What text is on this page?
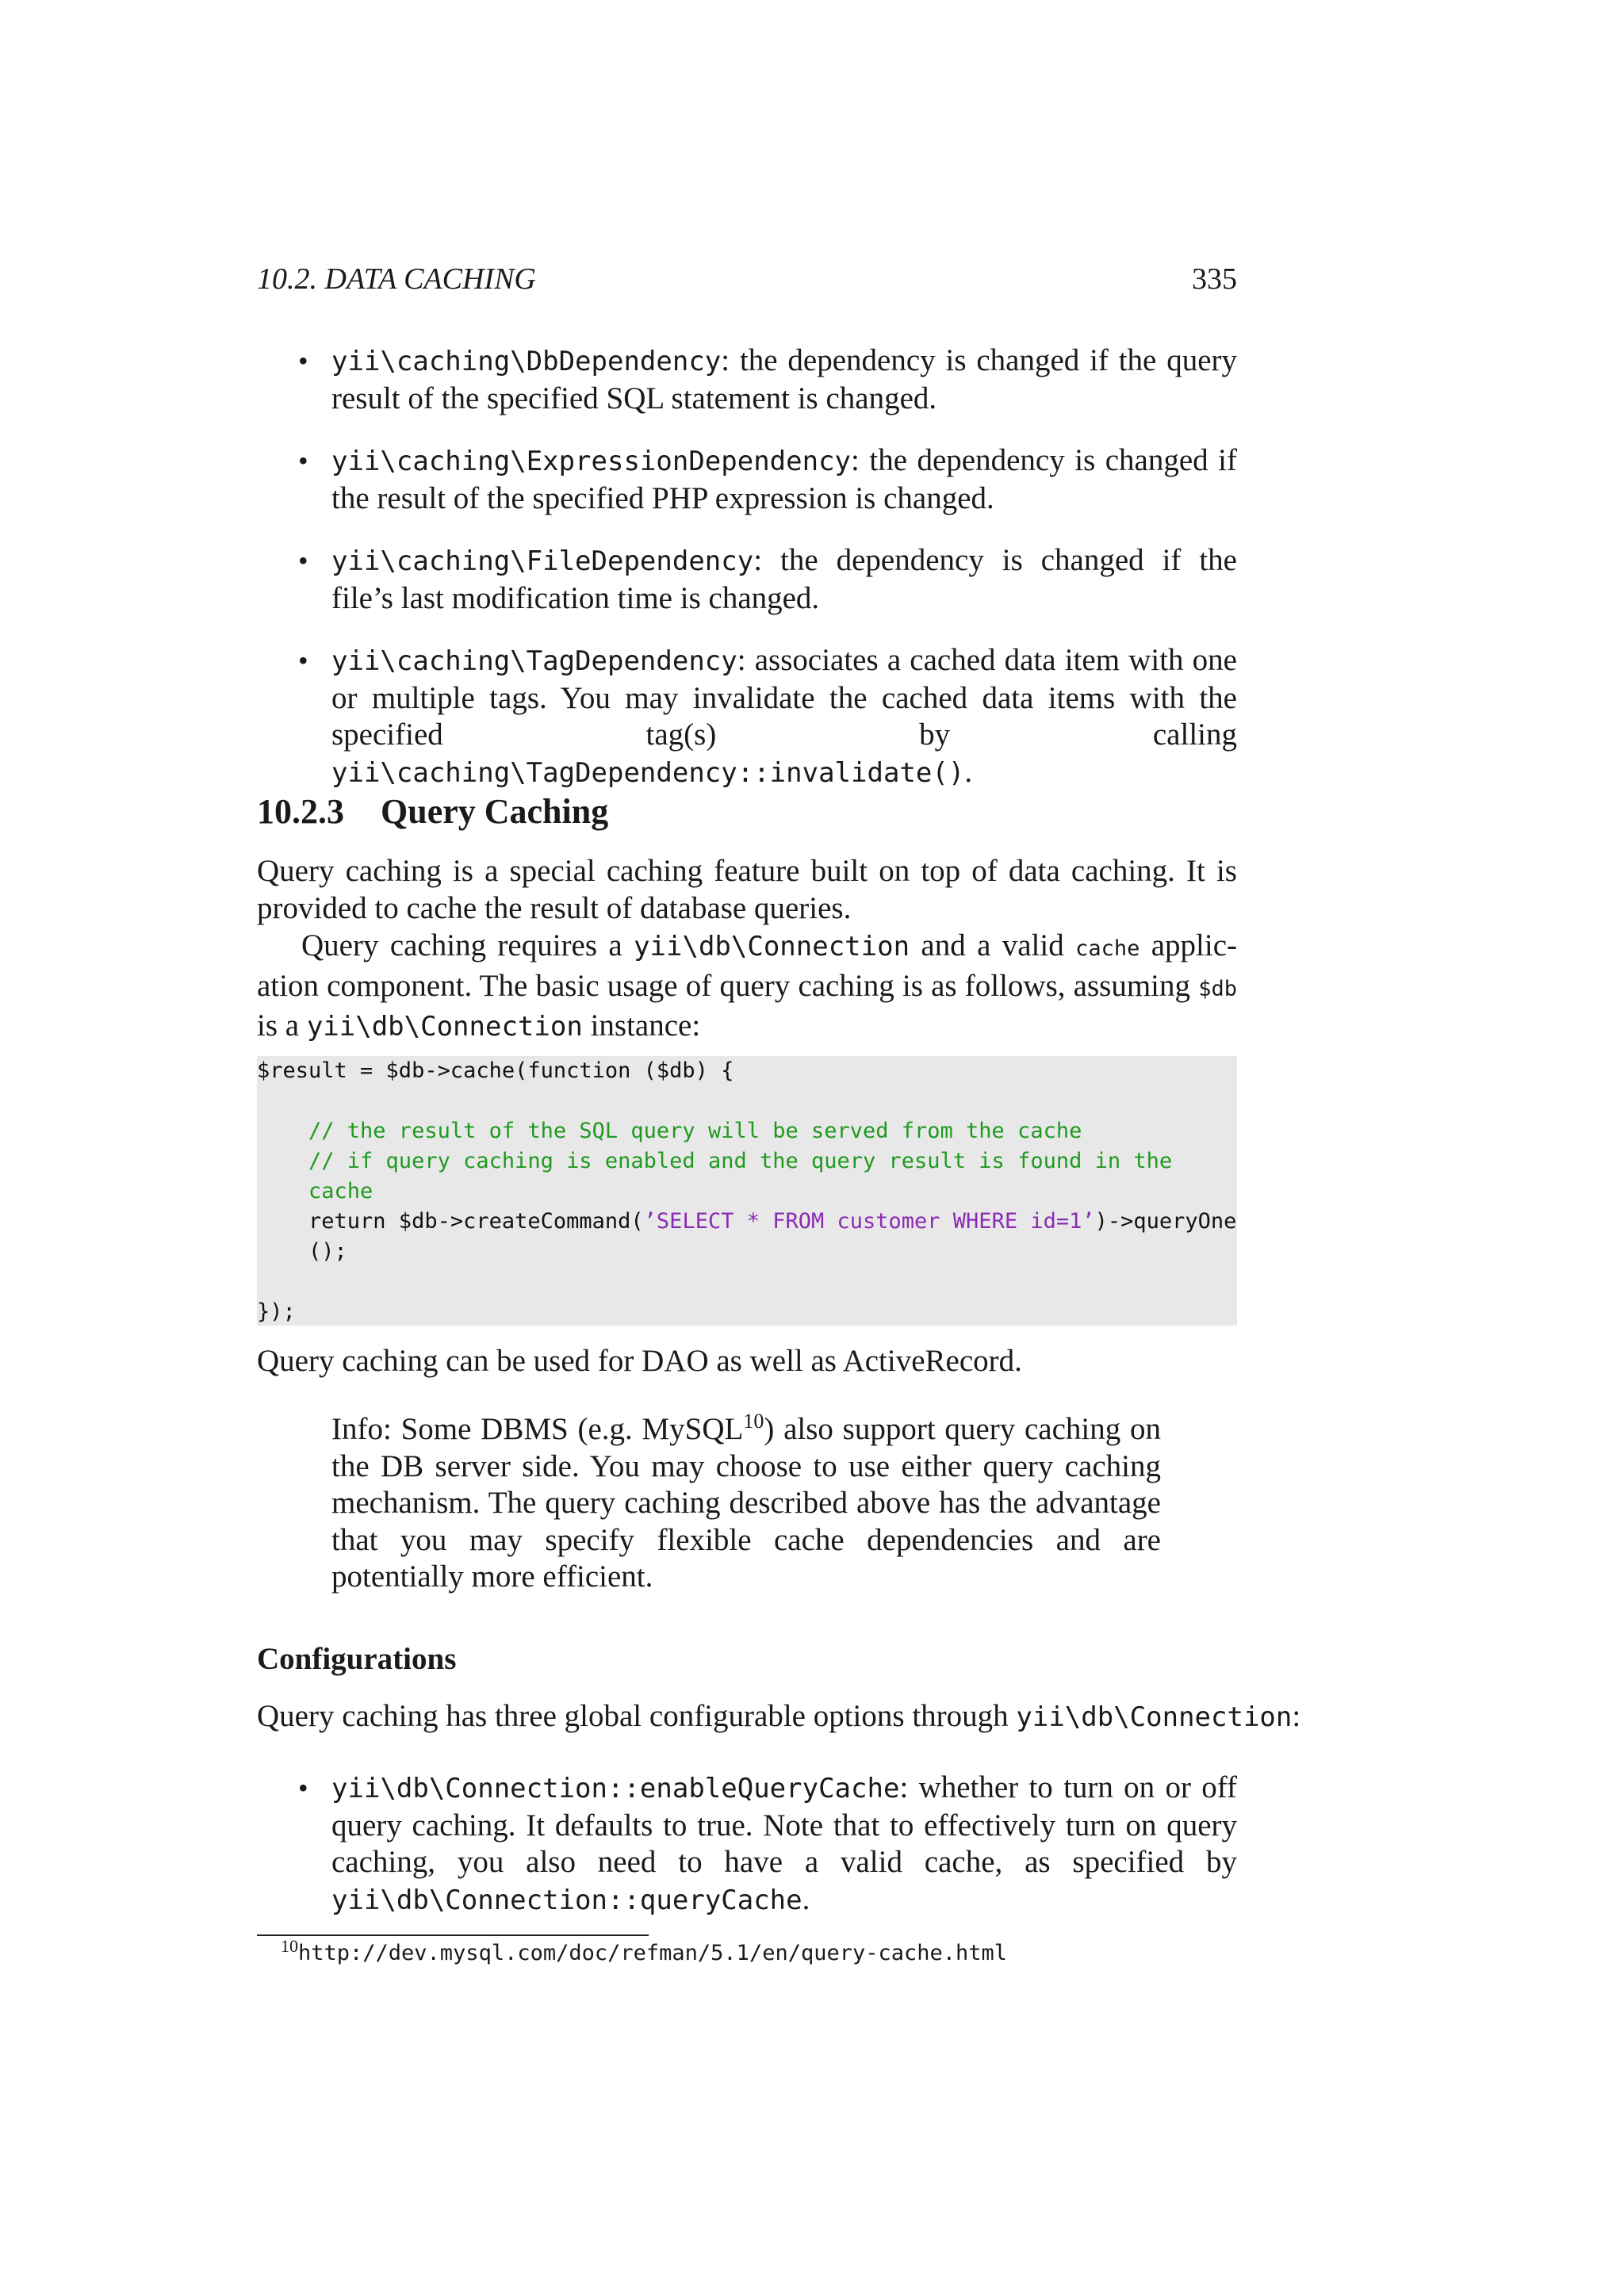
10.2. DATA CACHING	335
• yii\caching\DbDependency: the dependency is changed if the query result of the specified SQL statement is changed.
• yii\caching\ExpressionDependency: the dependency is changed if the result of the specified PHP expression is changed.
• yii\caching\FileDependency: the dependency is changed if the file’s last modification time is changed.
• yii\caching\TagDependency: associates a cached data item with one or multiple tags. You may invalidate the cached data items with the specified tag(s) by calling yii\caching\TagDependency::invalidate().
10.2.3 Query Caching
Query caching is a special caching feature built on top of data caching. It is provided to cache the result of database queries.
Query caching requires a yii\db\Connection and a valid cache applic-ation component. The basic usage of query caching is as follows, assuming $db is a yii\db\Connection instance:
$result = $db->cache(function ($db) {
// the result of the SQL query will be served from the cache
// if query caching is enabled and the query result is found in the
cache
return $db->createCommand(’SELECT * FROM customer WHERE id=1’)->queryOne
();
});
Query caching can be used for DAO as well as ActiveRecord.
Info: Some DBMS (e.g. MySQL$^{10}$) also support query caching on the DB server side. You may choose to use either query caching mechanism. The query caching described above has the advantage that you may specify flexible cache dependencies and are potentially more efficient.
Configurations
Query caching has three global configurable options through yii\db\Connection:
• yii\db\Connection::enableQueryCache: whether to turn on or off query caching. It defaults to true. Note that to effectively turn on query caching, you also need to have a valid cache, as specified by yii\db\Connection::queryCache.
$^{10}$http://dev.mysql.com/doc/refman/5.1/en/query-cache.html
